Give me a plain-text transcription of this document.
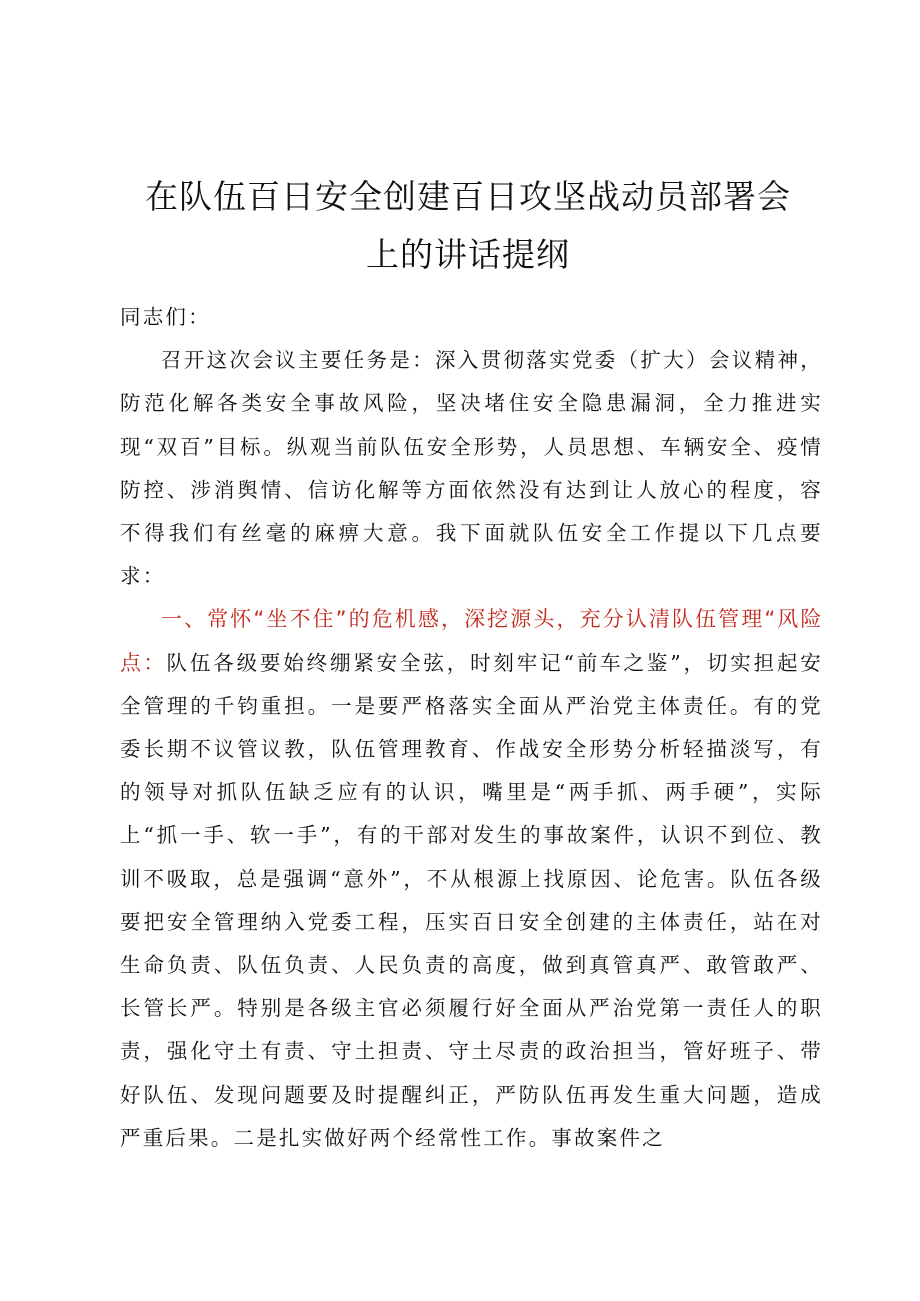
在队伍百日安全创建百日攻坚战动员部署会
上的讲话提纲

同志们：

召开这次会议主要任务是：深入贯彻落实党委（扩大）会议精神，防范化解各类安全事故风险，坚决堵住安全隐患漏洞，全力推进实现“双百”目标。纵观当前队伍安全形势，人员思想、车辆安全、疫情防控、涉消舆情、信访化解等方面依然没有达到让人放心的程度，容不得我们有丝毫的麻痹大意。我下面就队伍安全工作提以下几点要求：

一、常怀“坐不住”的危机感，深挖源头，充分认清队伍管理“风险点：队伍各级要始终绷紧安全弦，时刻牢记“前车之鉴”，切实担起安全管理的千钧重担。一是要严格落实全面从严治党主体责任。有的党委长期不议管议教，队伍管理教育、作战安全形势分析轻描淡写，有的领导对抓队伍缺乏应有的认识，嘴里是“两手抓、两手硬”，实际上“抓一手、软一手”，有的干部对发生的事故案件，认识不到位、教训不吸取，总是强调“意外”，不从根源上找原因、论危害。队伍各级要把安全管理纳入党委工程，压实百日安全创建的主体责任，站在对生命负责、队伍负责、人民负责的高度，做到真管真严、敢管敢严、长管长严。特别是各级主官必须履行好全面从严治党第一责任人的职责，强化守土有责、守土担责、守土尽责的政治担当，管好班子、带好队伍、发现问题要及时提醒纠正，严防队伍再发生重大问题，造成严重后果。二是扎实做好两个经常性工作。事故案件之
